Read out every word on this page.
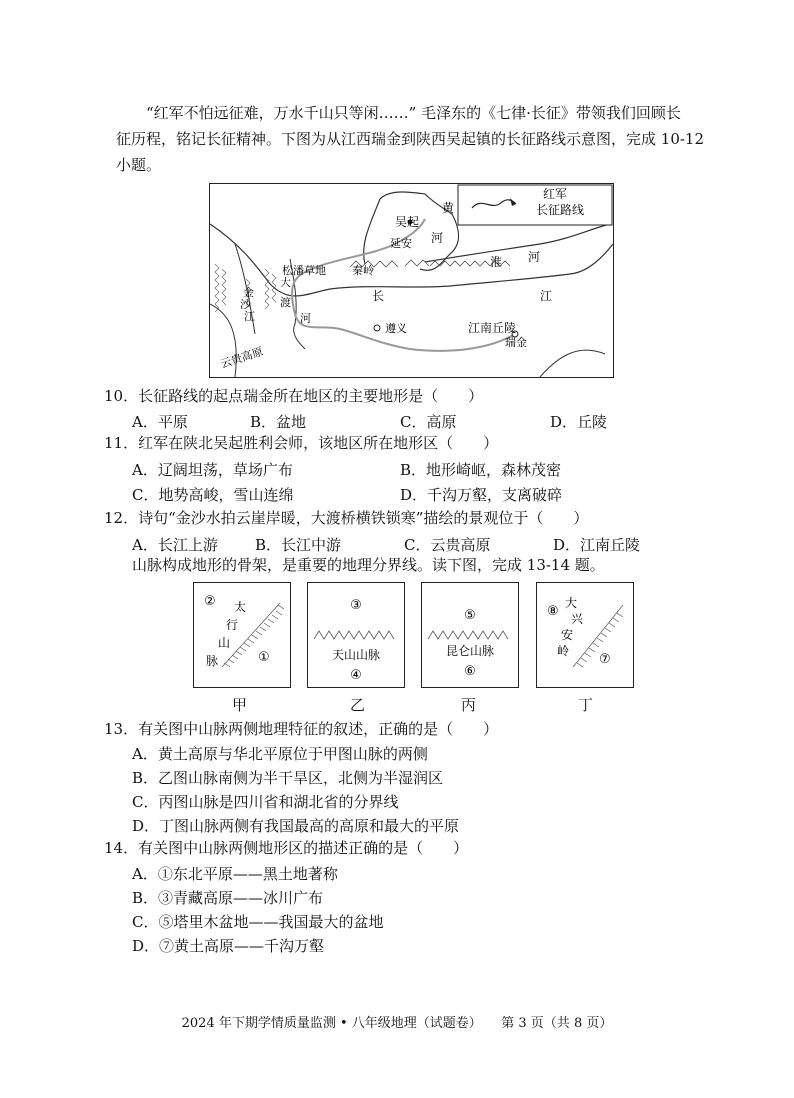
“红军不怕远征难，万水千山只等闲……” 毛泽东的《七律·长征》带领我们回顾长
征历程，铭记长征精神。下图为从江西瑞金到陕西吴起镇的长征路线示意图，完成 10-12
小题。
红军
长征路线
黄
河
吴起
延安
淮 河
松潘草地 秦岭
长	江
金
沙
江
大
渡
河
遵义	江南丘陵
瑞金
云贵高原
10．长征路线的起点瑞金所在地区的主要地形是（　　）
A．平原	B．盆地	C．高原	D．丘陵
11．红军在陕北吴起胜利会师，该地区所在地形区（　　）
A．辽阔坦荡，草场广布	B．地形崎岖，森林茂密
C．地势高峻，雪山连绵	D．千沟万壑，支离破碎
12．诗句“金沙水拍云崖岸暖，大渡桥横铁锁寒”描绘的景观位于（　　）
A．长江上游 B．长江中游	C．云贵高原	D．江南丘陵
山脉构成地形的骨架，是重要的地理分界线。读下图，完成 13-14 题。
② 太
行
山
脉	①
③
天山山脉
④
⑤
昆仑山脉
⑥
⑧
大
兴
安
岭
⑦
甲	乙	丙	丁
13．有关图中山脉两侧地理特征的叙述，正确的是（　　）
A．黄土高原与华北平原位于甲图山脉的两侧
B．乙图山脉南侧为半干旱区，北侧为半湿润区
C．丙图山脉是四川省和湖北省的分界线
D．丁图山脉两侧有我国最高的高原和最大的平原
14．有关图中山脉两侧地形区的描述正确的是（　　）
A．①东北平原——黑土地著称
B．③青藏高原——冰川广布
C．⑤塔里木盆地——我国最大的盆地
D．⑦黄土高原——千沟万壑
2024 年下期学情质量监测 • 八年级地理（试题卷）　　第 3 页（共 8 页）
